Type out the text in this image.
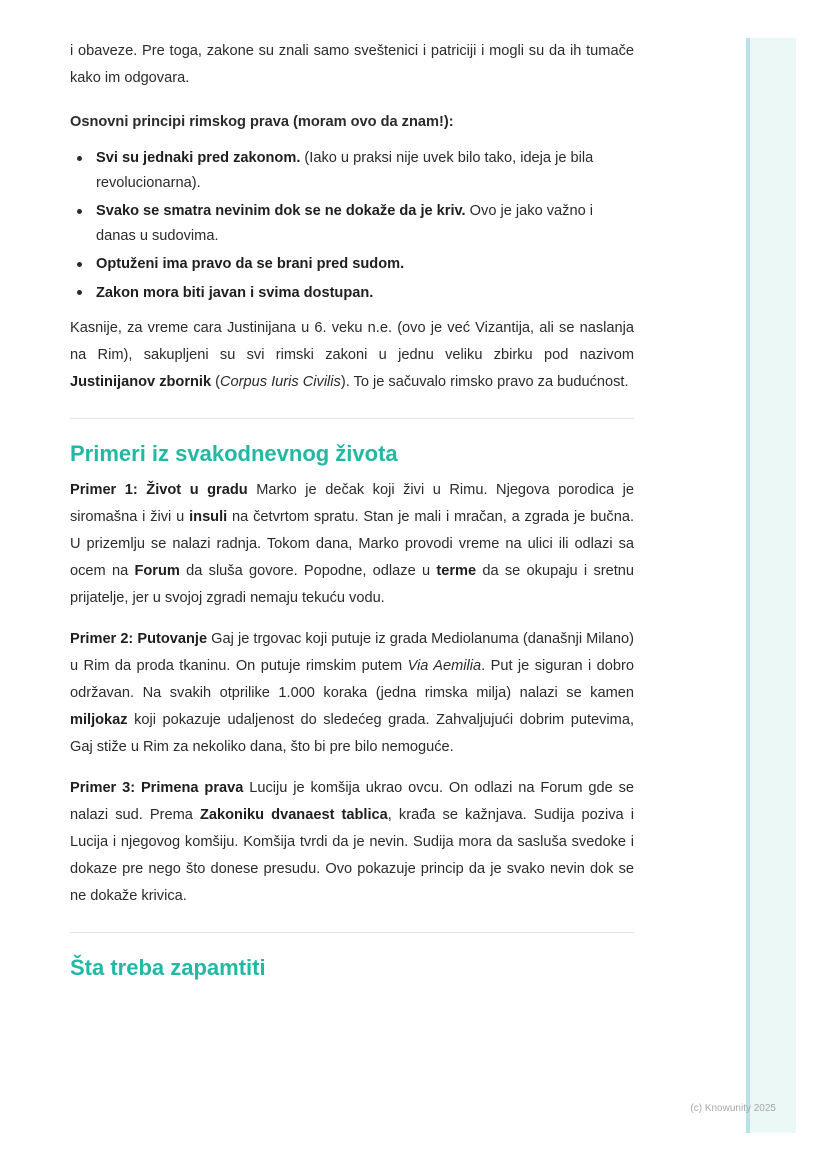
i obaveze. Pre toga, zakone su znali samo sveštenici i patriciji i mogli su da ih tumače kako im odgovara.

Osnovni principi rimskog prava (moram ovo da znam!):

Svi su jednaki pred zakonom. (Iako u praksi nije uvek bilo tako, ideja je bila revolucionarna).
Svako se smatra nevinim dok se ne dokaže da je kriv. Ovo je jako važno i danas u sudovima.
Optuženi ima pravo da se brani pred sudom.
Zakon mora biti javan i svima dostupan.

Kasnije, za vreme cara Justinijana u 6. veku n.e. (ovo je već Vizantija, ali se naslanja na Rim), sakupljeni su svi rimski zakoni u jednu veliku zbirku pod nazivom Justinijanov zbornik (Corpus Iuris Civilis). To je sačuvalo rimsko pravo za budućnost.

Primeri iz svakodnevnog života

Primer 1: Život u gradu Marko je dečak koji živi u Rimu. Njegova porodica je siromašna i živi u insuli na četvrtom spratu. Stan je mali i mračan, a zgrada je bučna. U prizemlju se nalazi radnja. Tokom dana, Marko provodi vreme na ulici ili odlazi sa ocem na Forum da sluša govore. Popodne, odlaze u terme da se okupaju i sretnu prijatelje, jer u svojoj zgradi nemaju tekuću vodu.

Primer 2: Putovanje Gaj je trgovac koji putuje iz grada Mediolanuma (današnji Milano) u Rim da proda tkaninu. On putuje rimskim putem Via Aemilia. Put je siguran i dobro održavan. Na svakih otprilike 1.000 koraka (jedna rimska milja) nalazi se kamen miljokaz koji pokazuje udaljenost do sledećeg grada. Zahvaljujući dobrim putevima, Gaj stiže u Rim za nekoliko dana, što bi pre bilo nemoguće.

Primer 3: Primena prava Luciju je komšija ukrao ovcu. On odlazi na Forum gde se nalazi sud. Prema Zakoniku dvanaest tablica, krađa se kažnjava. Sudija poziva i Lucija i njegovog komšiju. Komšija tvrdi da je nevin. Sudija mora da sasluša svedoke i dokaze pre nego što donese presudu. Ovo pokazuje princip da je svako nevin dok se ne dokaže krivica.

Šta treba zapamtiti
(c) Knowunity 2025
